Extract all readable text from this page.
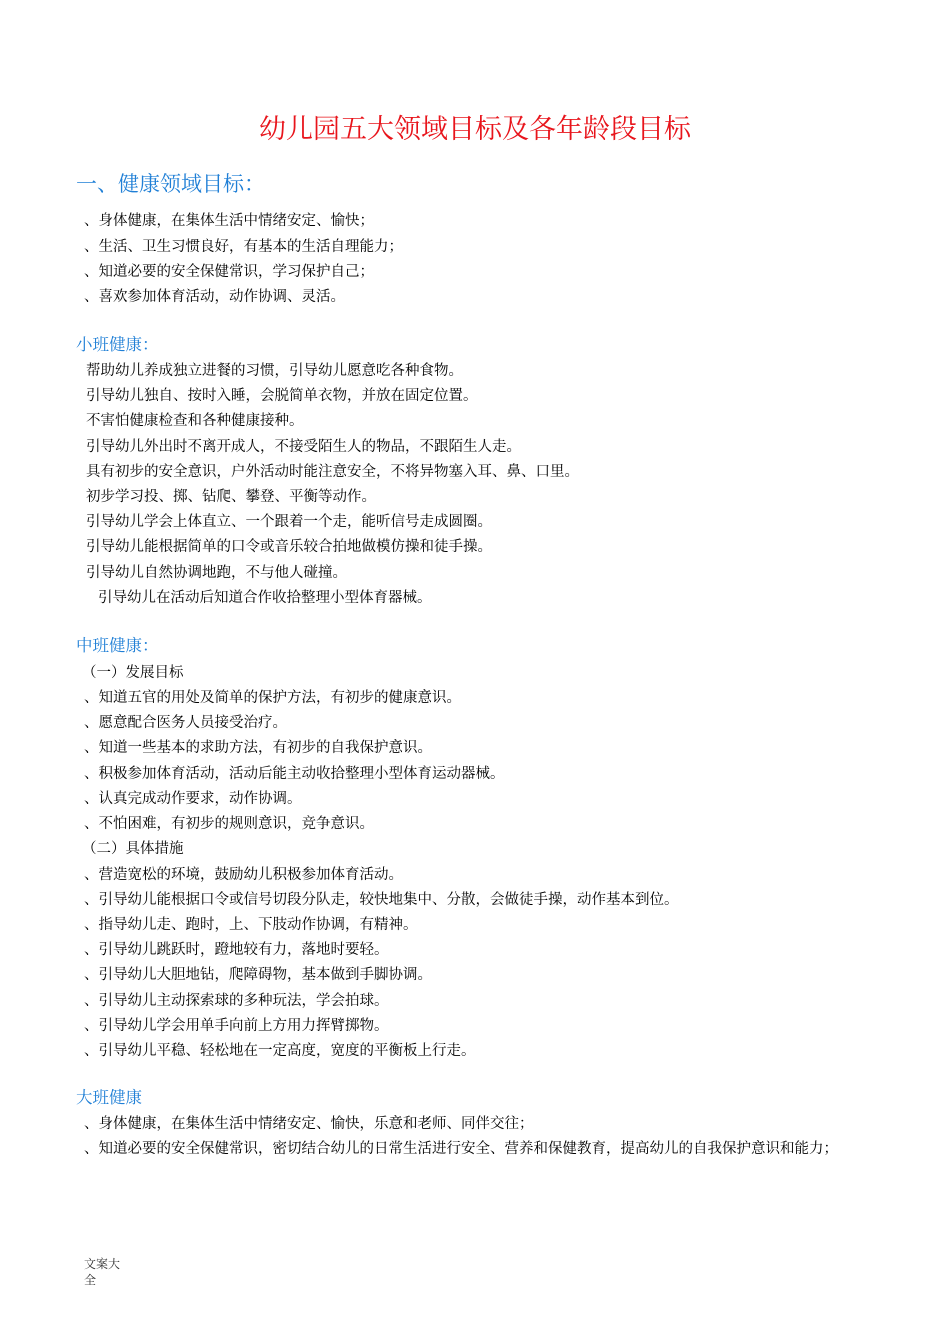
幼儿园五大领域目标及各年龄段目标
一、健康领域目标：
、身体健康，在集体生活中情绪安定、愉快；
、生活、卫生习惯良好，有基本的生活自理能力；
、知道必要的安全保健常识，学习保护自己；
、喜欢参加体育活动，动作协调、灵活。
小班健康：
帮助幼儿养成独立进餐的习惯，引导幼儿愿意吃各种食物。
引导幼儿独自、按时入睡，会脱简单衣物，并放在固定位置。
不害怕健康检查和各种健康接种。
引导幼儿外出时不离开成人，不接受陌生人的物品，不跟陌生人走。
具有初步的安全意识，户外活动时能注意安全，不将异物塞入耳、鼻、口里。
初步学习投、掷、钻爬、攀登、平衡等动作。
引导幼儿学会上体直立、一个跟着一个走，能听信号走成圆圈。
引导幼儿能根据简单的口令或音乐较合拍地做模仿操和徒手操。
引导幼儿自然协调地跑，不与他人碰撞。
引导幼儿在活动后知道合作收拾整理小型体育器械。
中班健康：
（一）发展目标
、知道五官的用处及简单的保护方法，有初步的健康意识。
、愿意配合医务人员接受治疗。
、知道一些基本的求助方法，有初步的自我保护意识。
、积极参加体育活动，活动后能主动收拾整理小型体育运动器械。
、认真完成动作要求，动作协调。
、不怕困难，有初步的规则意识，竞争意识。
（二）具体措施
、营造宽松的环境，鼓励幼儿积极参加体育活动。
、引导幼儿能根据口令或信号切段分队走，较快地集中、分散，会做徒手操，动作基本到位。
、指导幼儿走、跑时，上、下肢动作协调，有精神。
、引导幼儿跳跃时，蹬地较有力，落地时要轻。
、引导幼儿大胆地钻，爬障碍物，基本做到手脚协调。
、引导幼儿主动探索球的多种玩法，学会拍球。
、引导幼儿学会用单手向前上方用力挥臂掷物。
、引导幼儿平稳、轻松地在一定高度，宽度的平衡板上行走。
大班健康
、身体健康，在集体生活中情绪安定、愉快，乐意和老师、同伴交往；
、知道必要的安全保健常识，密切结合幼儿的日常生活进行安全、营养和保健教育，提高幼儿的自我保护意识和能力；
文案大全
